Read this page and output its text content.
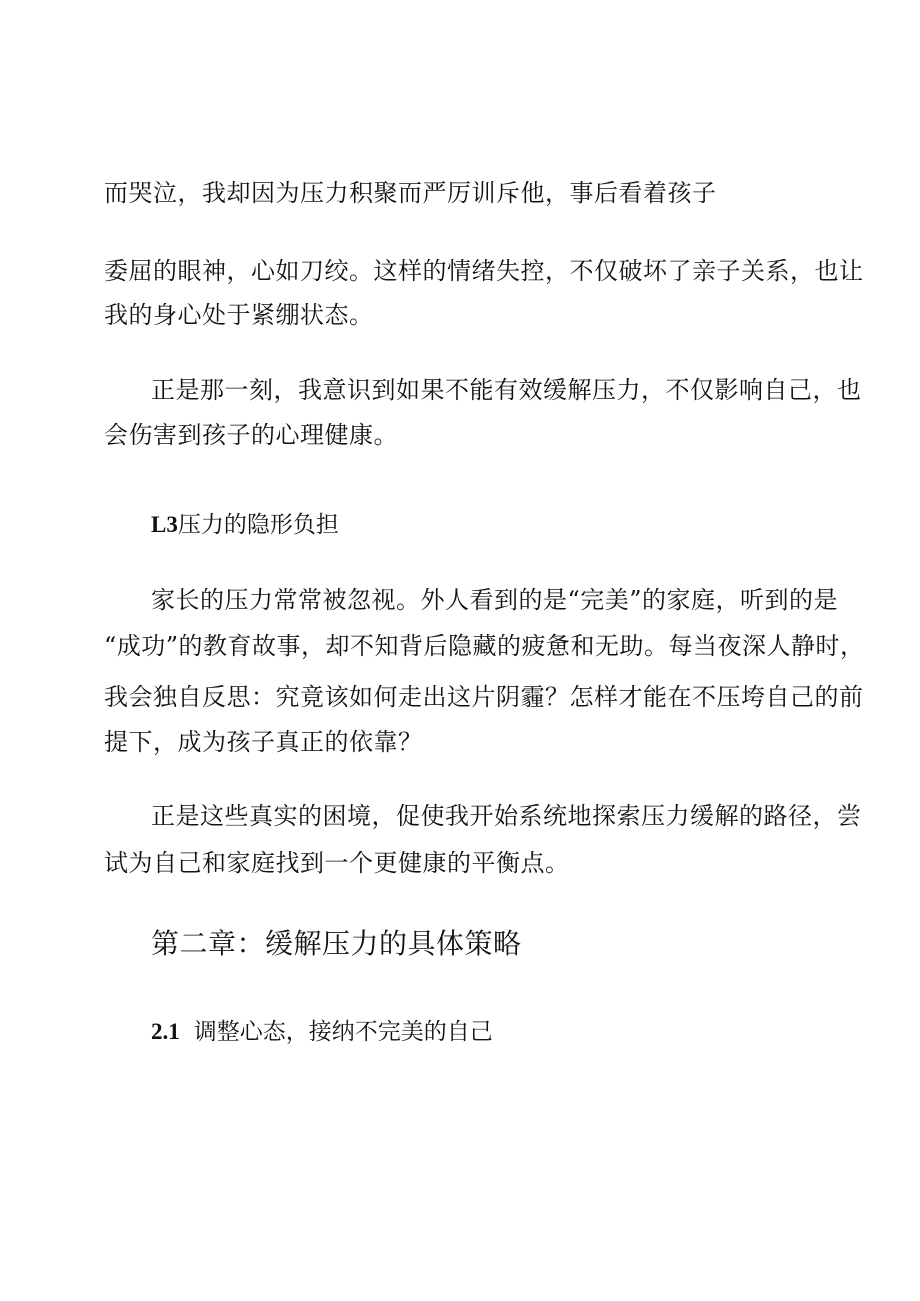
而哭泣，我却因为压力积聚而严厉训斥他，事后看着孩子
委屈的眼神，心如刀绞。这样的情绪失控，不仅破坏了亲子关系，也让
我的身心处于紧绷状态。
正是那一刻，我意识到如果不能有效缓解压力，不仅影响自己，也
会伤害到孩子的心理健康。
L3压力的隐形负担
家长的压力常常被忽视。外人看到的是“完美”的家庭，听到的是
“成功”的教育故事，却不知背后隐藏的疲惫和无助。每当夜深人静时，
我会独自反思：究竟该如何走出这片阴霾？怎样才能在不压垮自己的前
提下，成为孩子真正的依靠？
正是这些真实的困境，促使我开始系统地探索压力缓解的路径，尝
试为自己和家庭找到一个更健康的平衡点。
第二章：缓解压力的具体策略
2.1 调整心态，接纳不完美的自己
